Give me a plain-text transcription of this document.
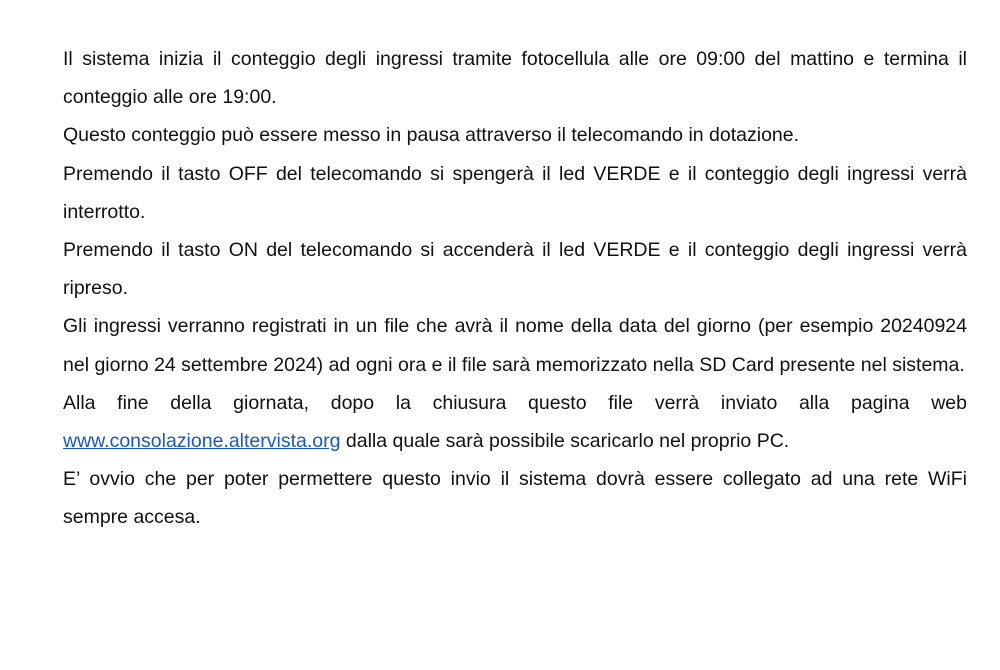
Il sistema inizia il conteggio degli ingressi tramite fotocellula alle ore 09:00 del mattino e termina il conteggio alle ore 19:00.

Questo conteggio può essere messo in pausa attraverso il telecomando in dotazione.

Premendo il tasto OFF del telecomando si spengerà il led VERDE e il conteggio degli ingressi verrà interrotto.

Premendo il tasto ON del telecomando si accenderà il led VERDE e il conteggio degli ingressi verrà ripreso.

Gli ingressi verranno registrati in un file che avrà il nome della data del giorno (per esempio 20240924 nel giorno 24 settembre 2024) ad ogni ora e il file sarà memorizzato nella SD Card presente nel sistema.

Alla fine della giornata, dopo la chiusura questo file verrà inviato alla pagina web www.consolazione.altervista.org dalla quale sarà possibile scaricarlo nel proprio PC.

E’ ovvio che per poter permettere questo invio il sistema dovrà essere collegato ad una rete WiFi sempre accesa.
